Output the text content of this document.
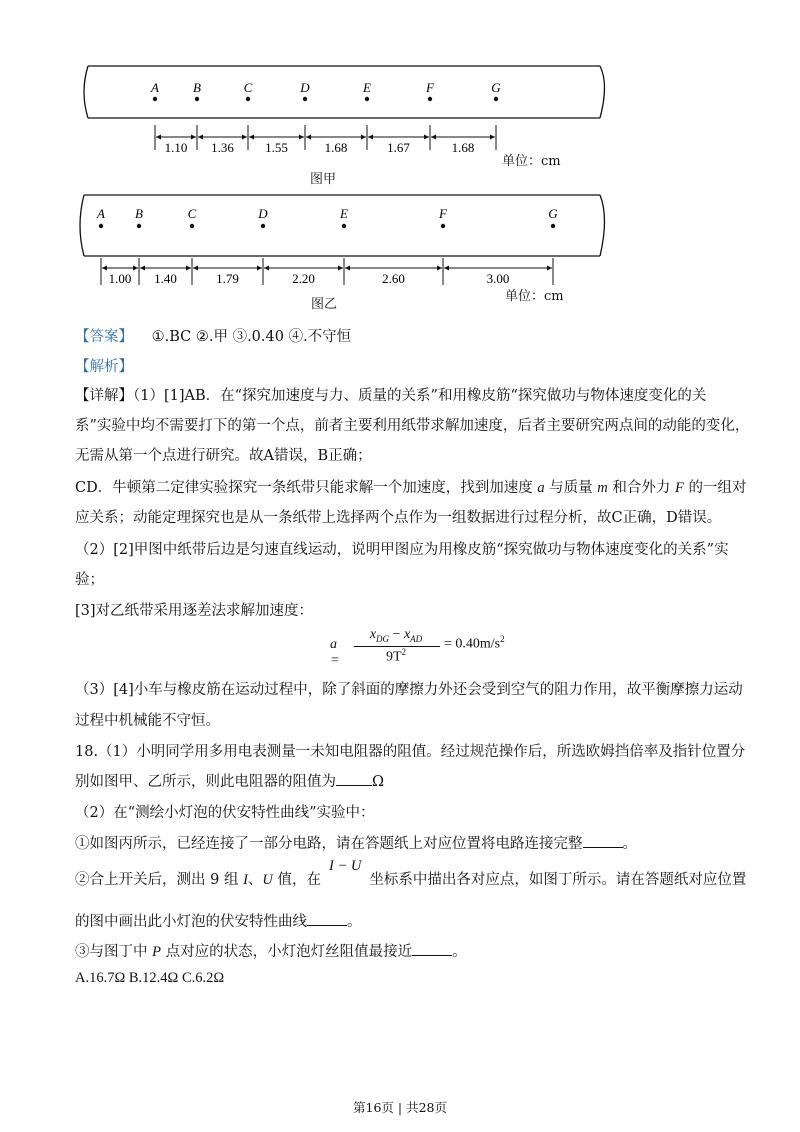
A	B	C	D	E	F	G
1.10 1.36 1.55	1.68	1.67	1.68
A B	C	D	E	F	G
1.00 1.40	1.79	2.20	2.60	3.00
图甲
单位：cm
图乙
单位：cm
【答案】 ①.BC ②.甲 ③.0.40 ④.不守恒
【解析】
【详解】（1）[1]AB．在“探究加速度与力、质量的关系”和用橡皮筋“探究做功与物体速度变化的关
系”实验中均不需要打下的第一个点，前者主要利用纸带求解加速度，后者主要研究两点间的动能的变化，
无需从第一个点进行研究。故A错误，B正确；
CD．牛顿第二定律实验探究一条纸带只能求解一个加速度，找到加速度 a 与质量 m 和合外力 F 的一组对
应关系；动能定理探究也是从一条纸带上选择两个点作为一组数据进行过程分析，故C正确，D错误。
（2）[2]甲图中纸带后边是匀速直线运动，说明甲图应为用橡皮筋“探究做功与物体速度变化的关系”实
验；
[3]对乙纸带采用逐差法求解加速度：
a =
$x_{DG} - x_{AD}$
$9T^2$
= $0.40m/s^2$
（3）[4]小车与橡皮筋在运动过程中，除了斜面的摩擦力外还会受到空气的阻力作用，故平衡摩擦力运动
过程中机械能不守恒。
18.（1）小明同学用多用电表测量一未知电阻器的阻值。经过规范操作后，所选欧姆挡倍率及指针位置分
别如图甲、乙所示，则此电阻器的阻值为 Ω
（2）在“测绘小灯泡的伏安特性曲线”实验中：
①如图丙所示，已经连接了一部分电路，请在答题纸上对应位置将电路连接完整	。
②合上开关后，测出 9 组 I、U 值，在I − U坐标系中描出各对应点，如图丁所示。请在答题纸对应位置
的图中画出此小灯泡的伏安特性曲线	。
③与图丁中 P 点对应的状态，小灯泡灯丝阻值最接近	。
A.16.7Ω B.12.4Ω C.6.2Ω
第16页 | 共28页
